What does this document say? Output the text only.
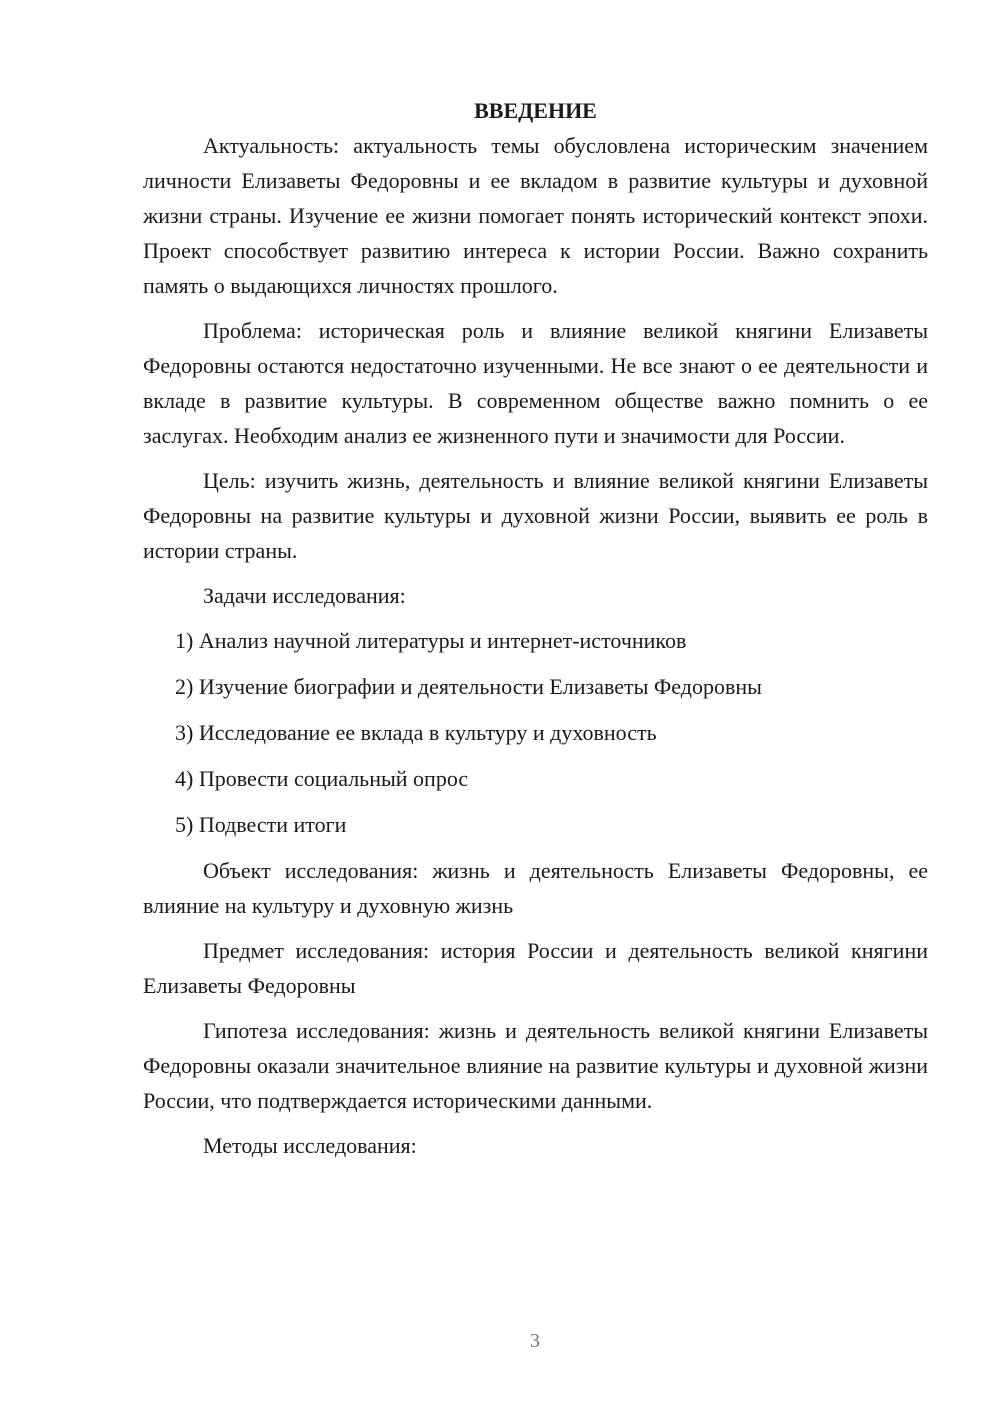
ВВЕДЕНИЕ

Актуальность: актуальность темы обусловлена историческим значением личности Елизаветы Федоровны и ее вкладом в развитие культуры и духовной жизни страны. Изучение ее жизни помогает понять исторический контекст эпохи. Проект способствует развитию интереса к истории России. Важно сохранить память о выдающихся личностях прошлого.

Проблема: историческая роль и влияние великой княгини Елизаветы Федоровны остаются недостаточно изученными. Не все знают о ее деятельности и вкладе в развитие культуры. В современном обществе важно помнить о ее заслугах. Необходим анализ ее жизненного пути и значимости для России.

Цель: изучить жизнь, деятельность и влияние великой княгини Елизаветы Федоровны на развитие культуры и духовной жизни России, выявить ее роль в истории страны.

Задачи исследования:

1) Анализ научной литературы и интернет-источников
2) Изучение биографии и деятельности Елизаветы Федоровны
3) Исследование ее вклада в культуру и духовность
4) Провести социальный опрос
5) Подвести итоги

Объект исследования: жизнь и деятельность Елизаветы Федоровны, ее влияние на культуру и духовную жизнь

Предмет исследования: история России и деятельность великой княгини Елизаветы Федоровны

Гипотеза исследования: жизнь и деятельность великой княгини Елизаветы Федоровны оказали значительное влияние на развитие культуры и духовной жизни России, что подтверждается историческими данными.

Методы исследования:

3
